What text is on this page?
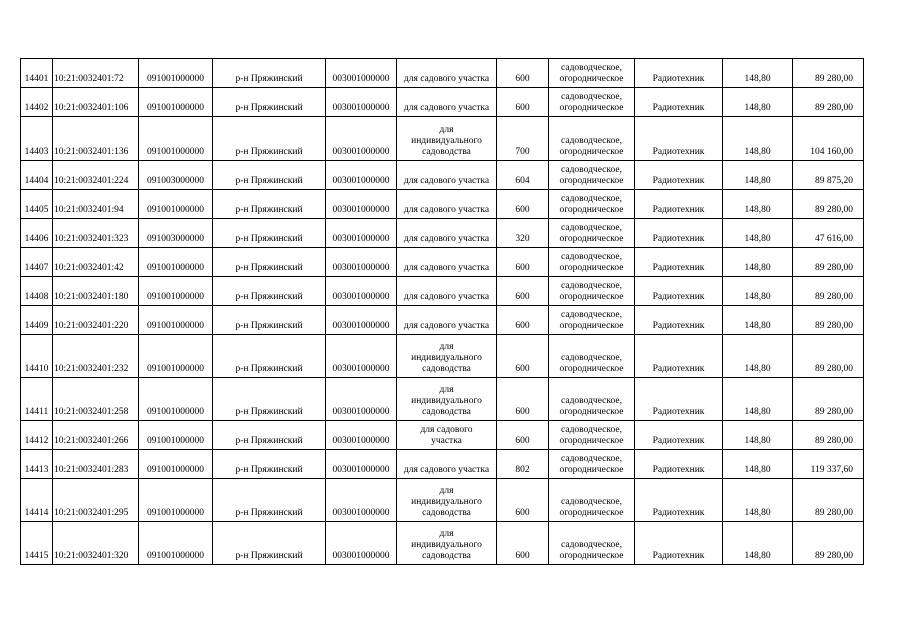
14401	10:21:0032401:72	091001000000	р-н Пряжинский	003001000000	для садового участка	600	садоводческое,
огородническое	Радиотехник	148,80	89 280,00
14402	10:21:0032401:106	091001000000	р-н Пряжинский	003001000000	для садового участка	600	садоводческое,
огородническое	Радиотехник	148,80	89 280,00
14403	10:21:0032401:136	091001000000	р-н Пряжинский	003001000000	для
индивидуального
садоводства	700	садоводческое,
огородническое	Радиотехник	148,80	104 160,00
14404	10:21:0032401:224	091003000000	р-н Пряжинский	003001000000	для садового участка	604	садоводческое,
огородническое	Радиотехник	148,80	89 875,20
14405	10:21:0032401:94	091001000000	р-н Пряжинский	003001000000	для садового участка	600	садоводческое,
огородническое	Радиотехник	148,80	89 280,00
14406	10:21:0032401:323	091003000000	р-н Пряжинский	003001000000	для садового участка	320	садоводческое,
огородническое	Радиотехник	148,80	47 616,00
14407	10:21:0032401:42	091001000000	р-н Пряжинский	003001000000	для садового участка	600	садоводческое,
огородническое	Радиотехник	148,80	89 280,00
14408	10:21:0032401:180	091001000000	р-н Пряжинский	003001000000	для садового участка	600	садоводческое,
огородническое	Радиотехник	148,80	89 280,00
14409	10:21:0032401:220	091001000000	р-н Пряжинский	003001000000	для садового участка	600	садоводческое,
огородническое	Радиотехник	148,80	89 280,00
14410	10:21:0032401:232	091001000000	р-н Пряжинский	003001000000	для
индивидуального
садоводства	600	садоводческое,
огородническое	Радиотехник	148,80	89 280,00
14411	10:21:0032401:258	091001000000	р-н Пряжинский	003001000000	для
индивидуального
садоводства	600	садоводческое,
огородническое	Радиотехник	148,80	89 280,00
14412	10:21:0032401:266	091001000000	р-н Пряжинский	003001000000	для садового
участка	600	садоводческое,
огородническое	Радиотехник	148,80	89 280,00
14413	10:21:0032401:283	091001000000	р-н Пряжинский	003001000000	для садового участка	802	садоводческое,
огородническое	Радиотехник	148,80	119 337,60
14414	10:21:0032401:295	091001000000	р-н Пряжинский	003001000000	для
индивидуального
садоводства	600	садоводческое,
огородническое	Радиотехник	148,80	89 280,00
14415	10:21:0032401:320	091001000000	р-н Пряжинский	003001000000	для
индивидуального
садоводства	600	садоводческое,
огородническое	Радиотехник	148,80	89 280,00
